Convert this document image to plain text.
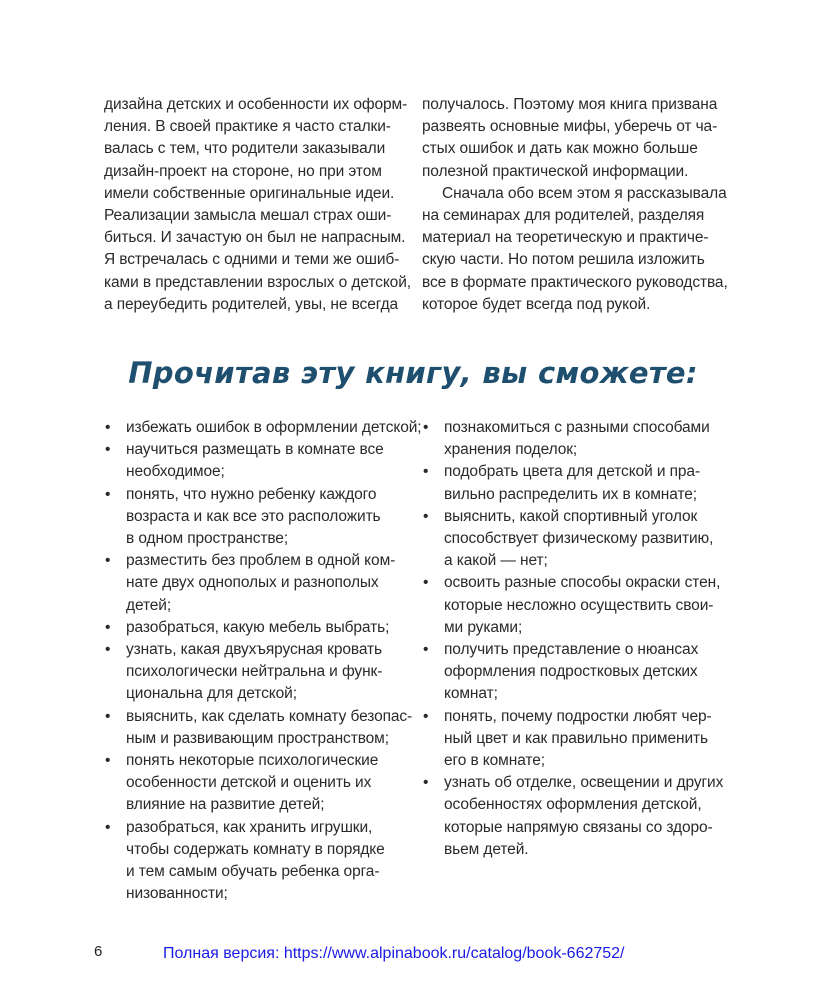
дизайна детских и особенности их оформ-
ления. В своей практике я часто сталки-
валась с тем, что родители заказывали
дизайн-проект на стороне, но при этом
имели собственные оригинальные идеи.
Реализации замысла мешал страх оши-
биться. И зачастую он был не напрасным.
Я встречалась с одними и теми же ошиб-
ками в представлении взрослых о детской,
а переубедить родителей, увы, не всегда

получалось. Поэтому моя книга призвана
развеять основные мифы, уберечь от ча-
стых ошибок и дать как можно больше
полезной практической информации.

Сначала обо всем этом я рассказывала
на семинарах для родителей, разделяя
материал на теоретическую и практиче-
скую части. Но потом решила изложить
все в формате практического руководства,
которое будет всегда под рукой.

Прочитав эту книгу, вы сможете:
• избежать ошибок в оформлении детской;
• научиться размещать в комнате все
необходимое;
• понять, что нужно ребенку каждого
возраста и как все это расположить
в одном пространстве;
• разместить без проблем в одной ком-
нате двух однополых и разнополых
детей;
• разобраться, какую мебель выбрать;
• узнать, какая двухъярусная кровать
психологически нейтральна и функ-
циональна для детской;
• выяснить, как сделать комнату безопас-
ным и развивающим пространством;
• понять некоторые психологические
особенности детской и оценить их
влияние на развитие детей;
• разобраться, как хранить игрушки,
чтобы содержать комнату в порядке
и тем самым обучать ребенка орга-
низованности;
• познакомиться с разными способами
хранения поделок;
• подобрать цвета для детской и пра-
вильно распределить их в комнате;
• выяснить, какой спортивный уголок
способствует физическому развитию,
а какой — нет;
• освоить разные способы окраски стен,
которые несложно осуществить свои-
ми руками;
• получить представление о нюансах
оформления подростковых детских
комнат;
• понять, почему подростки любят чер-
ный цвет и как правильно применить
его в комнате;
• узнать об отделке, освещении и других
особенностях оформления детской,
которые напрямую связаны со здоро-
вьем детей.
6	Полная версия: https://www.alpinabook.ru/catalog/book-662752/
